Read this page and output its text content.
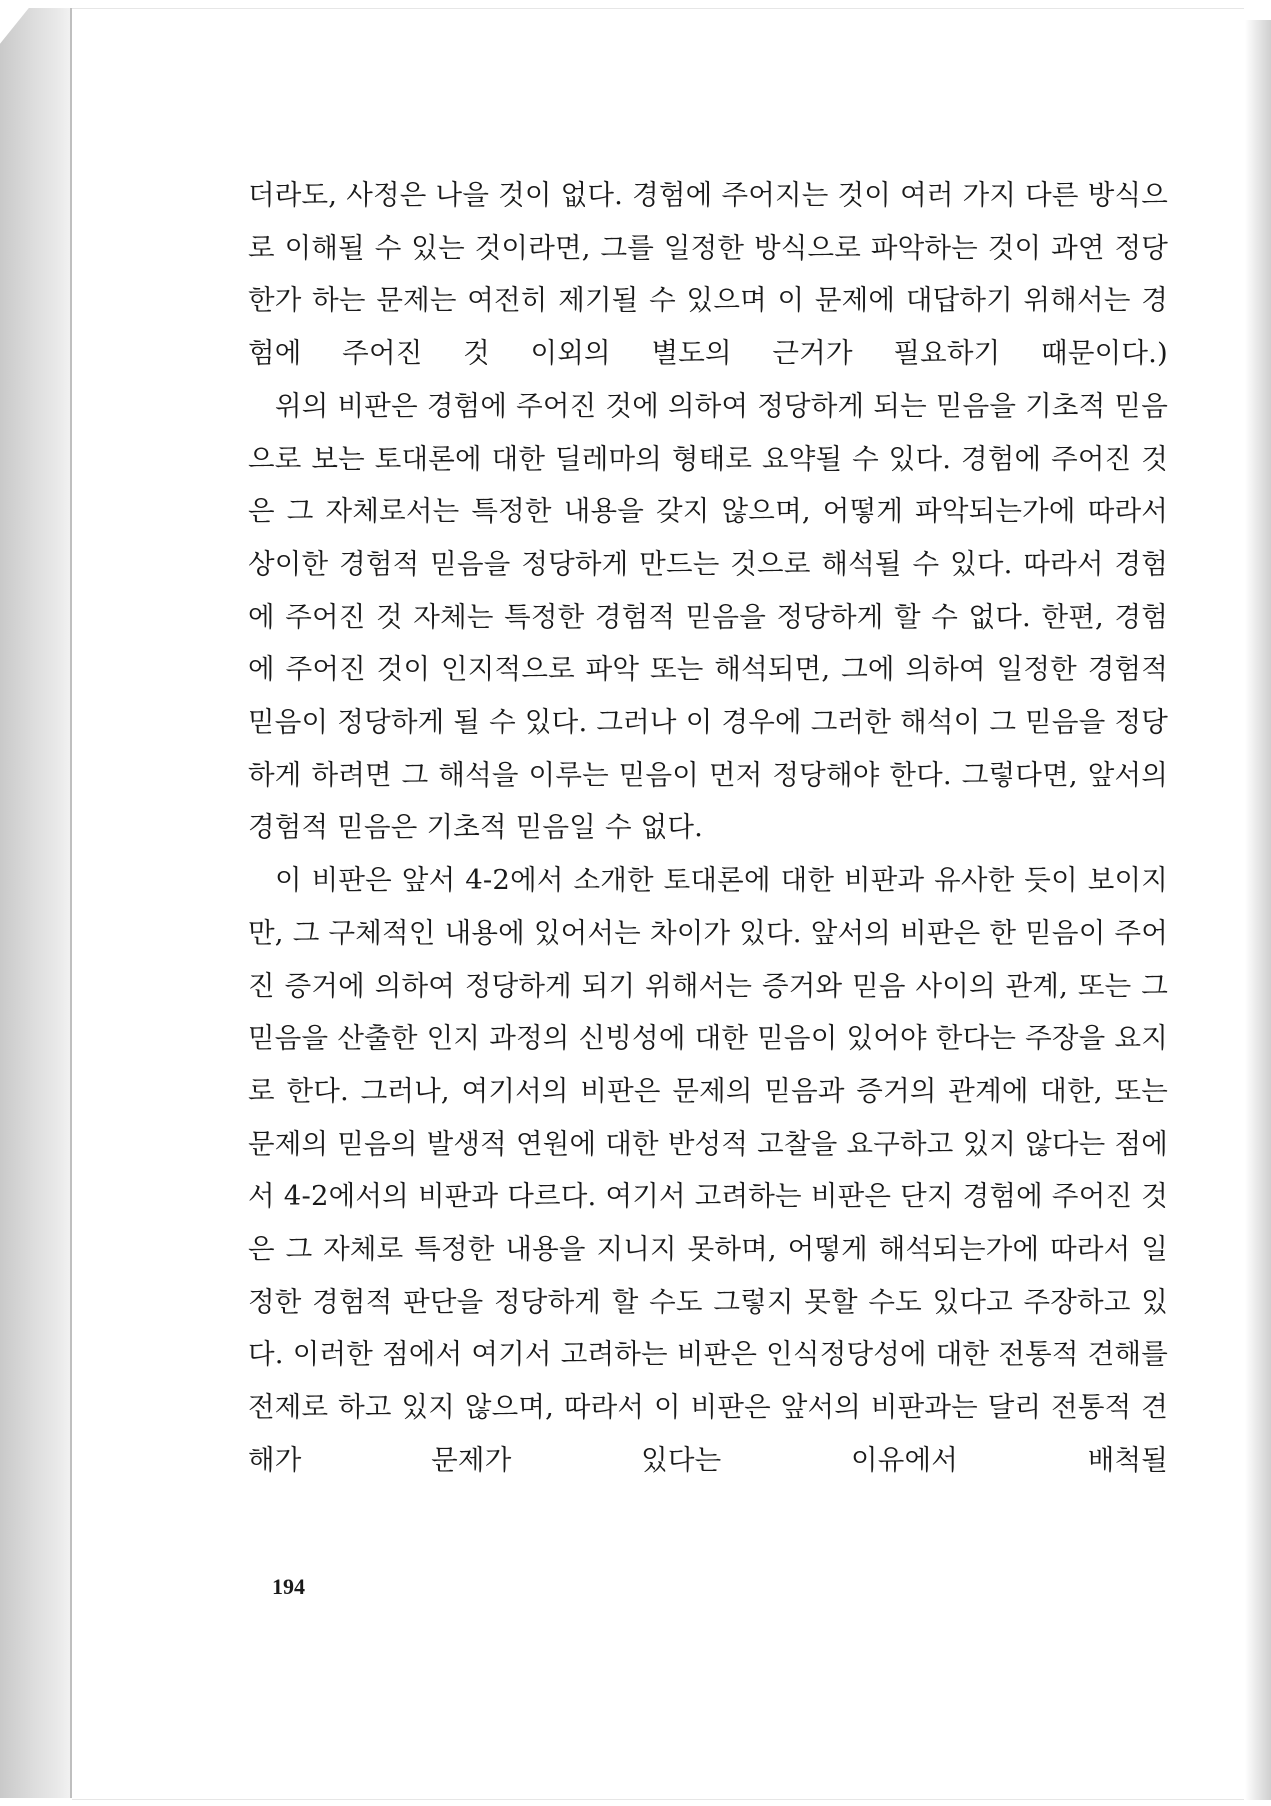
더라도, 사정은 나을 것이 없다. 경험에 주어지는 것이 여러 가지 다른 방식으로 이해될 수 있는 것이라면, 그를 일정한 방식으로 파악하는 것이 과연 정당한가 하는 문제는 여전히 제기될 수 있으며 이 문제에 대답하기 위해서는 경험에 주어진 것 이외의 별도의 근거가 필요하기 때문이다.)

위의 비판은 경험에 주어진 것에 의하여 정당하게 되는 믿음을 기초적 믿음으로 보는 토대론에 대한 딜레마의 형태로 요약될 수 있다. 경험에 주어진 것은 그 자체로서는 특정한 내용을 갖지 않으며, 어떻게 파악되는가에 따라서 상이한 경험적 믿음을 정당하게 만드는 것으로 해석될 수 있다. 따라서 경험에 주어진 것 자체는 특정한 경험적 믿음을 정당하게 할 수 없다. 한편, 경험에 주어진 것이 인지적으로 파악 또는 해석되면, 그에 의하여 일정한 경험적 믿음이 정당하게 될 수 있다. 그러나 이 경우에 그러한 해석이 그 믿음을 정당하게 하려면 그 해석을 이루는 믿음이 먼저 정당해야 한다. 그렇다면, 앞서의 경험적 믿음은 기초적 믿음일 수 없다.

이 비판은 앞서 4-2에서 소개한 토대론에 대한 비판과 유사한 듯이 보이지만, 그 구체적인 내용에 있어서는 차이가 있다. 앞서의 비판은 한 믿음이 주어진 증거에 의하여 정당하게 되기 위해서는 증거와 믿음 사이의 관계, 또는 그 믿음을 산출한 인지 과정의 신빙성에 대한 믿음이 있어야 한다는 주장을 요지로 한다. 그러나, 여기서의 비판은 문제의 믿음과 증거의 관계에 대한, 또는 문제의 믿음의 발생적 연원에 대한 반성적 고찰을 요구하고 있지 않다는 점에서 4-2에서의 비판과 다르다. 여기서 고려하는 비판은 단지 경험에 주어진 것은 그 자체로 특정한 내용을 지니지 못하며, 어떻게 해석되는가에 따라서 일정한 경험적 판단을 정당하게 할 수도 그렇지 못할 수도 있다고 주장하고 있다. 이러한 점에서 여기서 고려하는 비판은 인식정당성에 대한 전통적 견해를 전제로 하고 있지 않으며, 따라서 이 비판은 앞서의 비판과는 달리 전통적 견해가 문제가 있다는 이유에서 배척될

194
